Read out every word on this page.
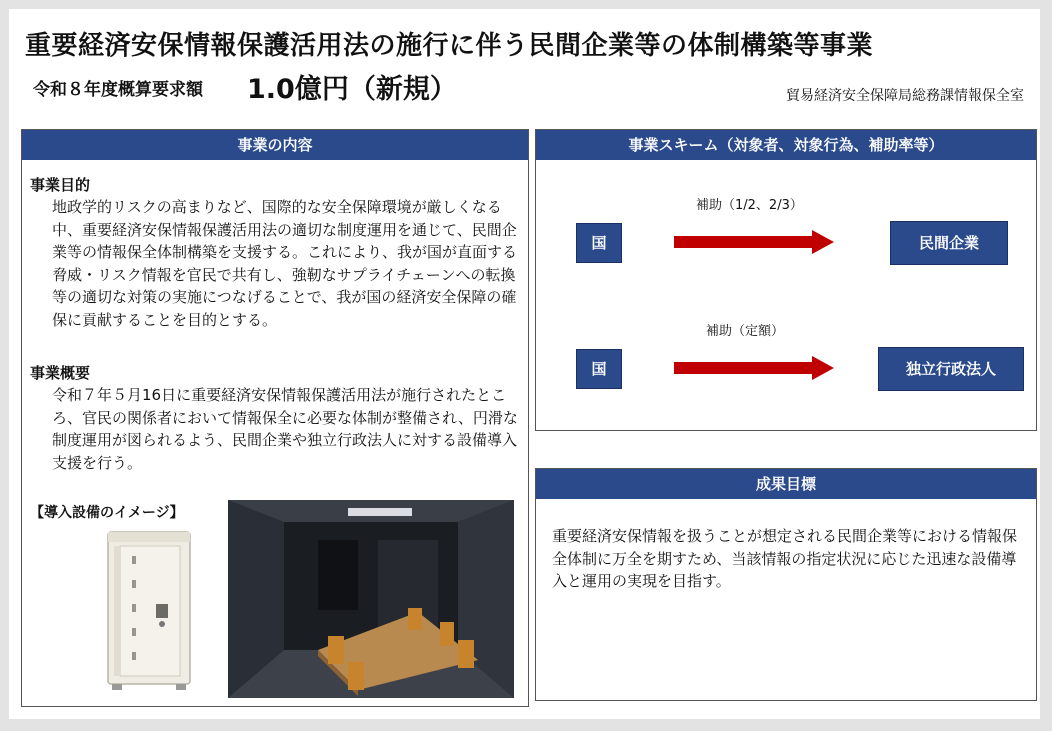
重要経済安保情報保護活用法の施行に伴う民間企業等の体制構築等事業
令和８年度概算要求額 1.0億円（新規）	貿易経済安全保障局総務課情報保全室
事業の内容
事業目的
地政学的リスクの高まりなど、国際的な安全保障環境が厳しくなる中、重要経済安保情報保護活用法の適切な制度運用を通じて、民間企業等の情報保全体制構築を支援する。これにより、我が国が直面する脅威・リスク情報を官民で共有し、強靭なサプライチェーンへの転換等の適切な対策の実施につなげることで、我が国の経済安全保障の確保に貢献することを目的とする。
事業概要
令和７年５月16日に重要経済安保情報保護活用法が施行されたところ、官民の関係者において情報保全に必要な体制が整備され、円滑な制度運用が図られるよう、民間企業や独立行政法人に対する設備導入支援を行う。
【導入設備のイメージ】
事業スキーム（対象者、対象行為、補助率等）
国
補助（1/2、2/3）
民間企業
国
補助（定額）
独立行政法人
成果目標
重要経済安保情報を扱うことが想定される民間企業等における情報保全体制に万全を期すため、当該情報の指定状況に応じた迅速な設備導入と運用の実現を目指す。
